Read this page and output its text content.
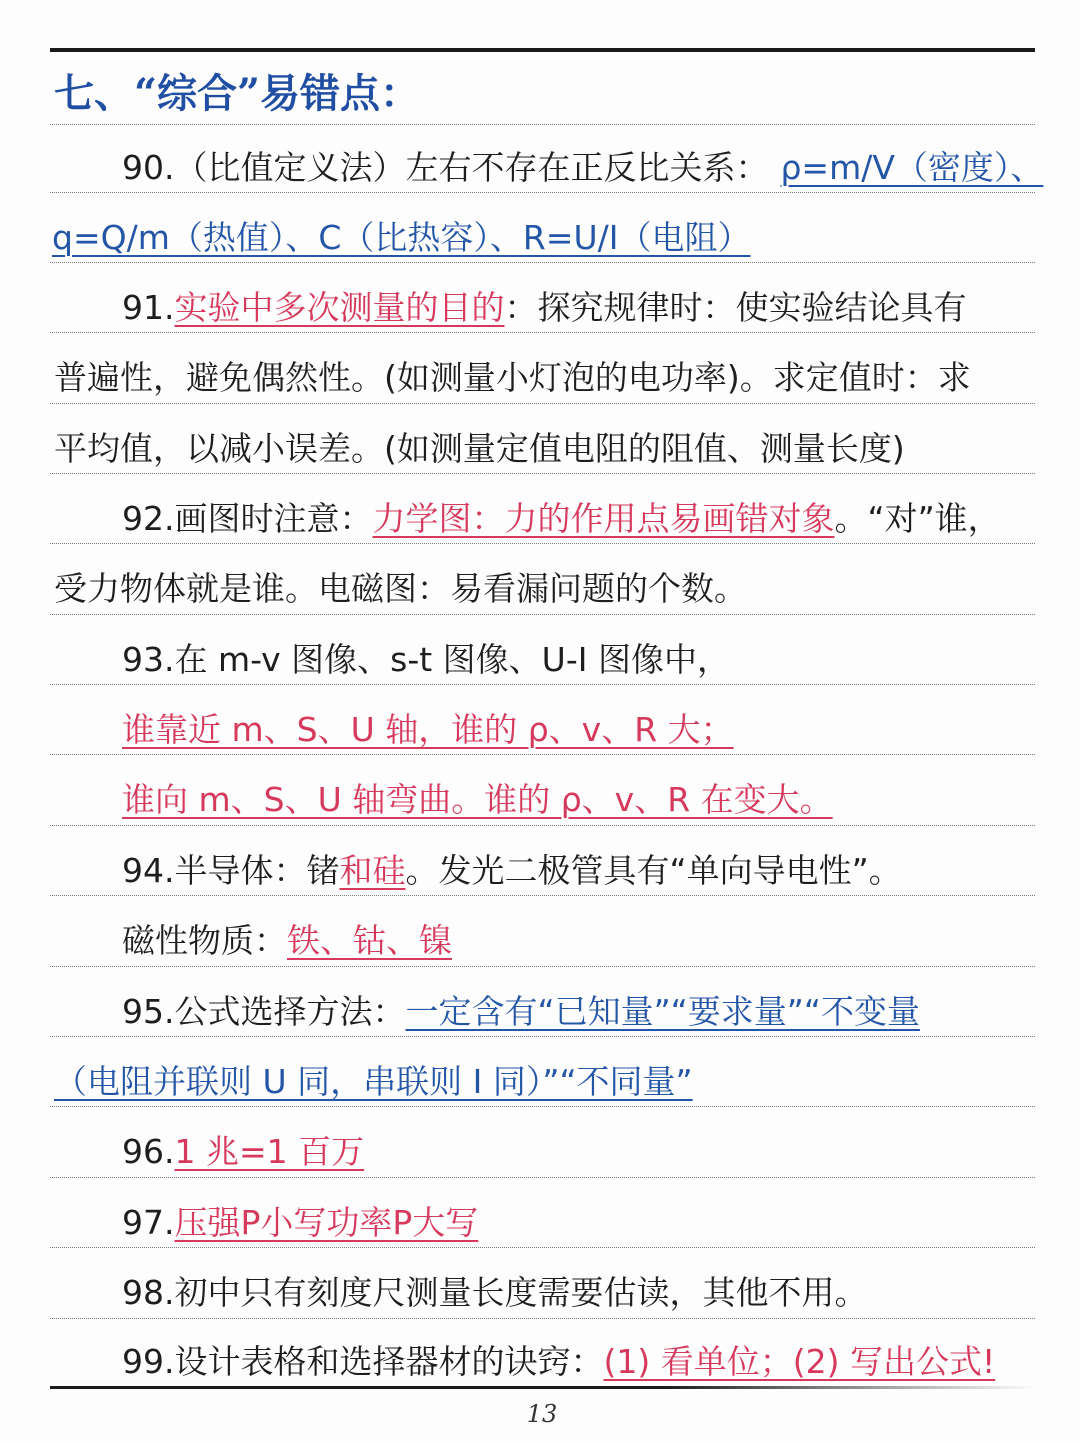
七、“综合”易错点：
90.（比值定义法）左右不存在正反比关系： ρ=m/V（密度）、
q=Q/m（热值）、C（比热容）、R=U/I（电阻）
91. 实验中多次测量的目的 ：探究规律时：使实验结论具有
普遍性，避免偶然性。(如测量小灯泡的电功率)。求定值时：求
平均值，以减小误差。(如测量定值电阻的阻值、测量长度)
92.画图时注意： 力学图：力的作用点易画错对象 。“对”谁，
受力物体就是谁。电磁图：易看漏问题的个数。
93.在 m-v 图像、s-t 图像、U-I 图像中，
谁靠近 m、S、U 轴，谁的 ρ、v、R 大；
谁向 m、S、U 轴弯曲。谁的 ρ、v、R 在变大。
94.半导体：锗 和硅 。发光二极管具有“单向导电性”。
磁性物质： 铁、钴、镍
95.公式选择方法： 一定含有“已知量”“要求量”“不变量
（电阻并联则 U 同，串联则 I 同）”“不同量”
96. 1 兆=1 百万
97. 压强P小写功率P大写
98.初中只有刻度尺测量长度需要估读，其他不用。
99.设计表格和选择器材的诀窍： (1) 看单位；(2) 写出公式!
13
